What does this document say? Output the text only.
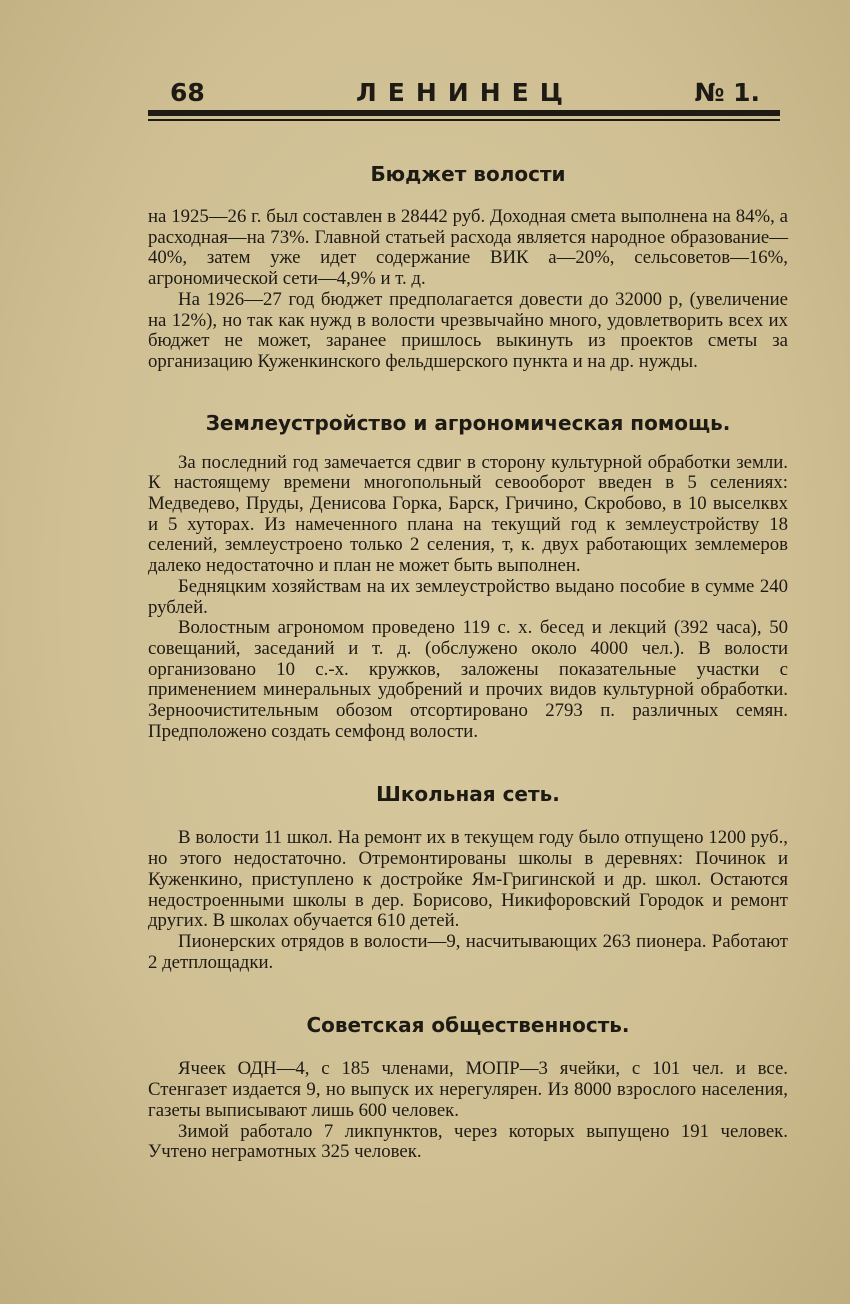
ЛЕНИНЕЦ
68	№ 1.
Бюджет волости

на 1925—26 г. был составлен в 28442 руб. Доходная смета выполнена на 84%, а расходная—на 73%. Главной статьей расхода является народное образование—40%, затем уже идет содержание ВИК а—20%, сельсоветов—16%, агрономической сети—4,9% и т. д.

На 1926—27 год бюджет предполагается довести до 32000 р, (увеличение на 12%), но так как нужд в волости чрезвычайно много, удовлетворить всех их бюджет не может, заранее пришлось выкинуть из проектов сметы за организацию Куженкинского фельдшерского пункта и на др. нужды.

Землеустройство и агрономическая помощь.

За последний год замечается сдвиг в сторону культурной обработки земли. К настоящему времени многопольный севооборот введен в 5 селениях: Медведево, Пруды, Денисова Горка, Барск, Гричино, Скробово, в 10 выселквх и 5 хуторах. Из намеченного плана на текущий год к землеустройству 18 селений, землеустроено только 2 селения, т, к. двух работающих землемеров далеко недостаточно и план не может быть выполнен.

Бедняцким хозяйствам на их землеустройство выдано пособие в сумме 240 рублей.

Волостным агрономом проведено 119 с. х. бесед и лекций (392 часа), 50 совещаний, заседаний и т. д. (обслужено около 4000 чел.). В волости организовано 10 с.-х. кружков, заложены показательные участки с применением минеральных удобрений и прочих видов культурной обработки. Зерноочистительным обозом отсортировано 2793 п. различных семян. Предположено создать семфонд волости.

Школьная сеть.

В волости 11 школ. На ремонт их в текущем году было отпущено 1200 руб., но этого недостаточно. Отремонтированы школы в деревнях: Починок и Куженкино, приступлено к достройке Ям-Григинской и др. школ. Остаются недостроенными школы в дер. Борисово, Никифоровский Городок и ремонт других. В школах обучается 610 детей.

Пионерских отрядов в волости—9, насчитывающих 263 пионера. Работают 2 детплощадки.

Советская общественность.

Ячеек ОДН—4, с 185 членами, МОПР—3 ячейки, с 101 чел. и все. Стенгазет издается 9, но выпуск их нерегулярен. Из 8000 взрослого населения, газеты выписывают лишь 600 человек.

Зимой работало 7 ликпунктов, через которых выпущено 191 человек. Учтено неграмотных 325 человек.
